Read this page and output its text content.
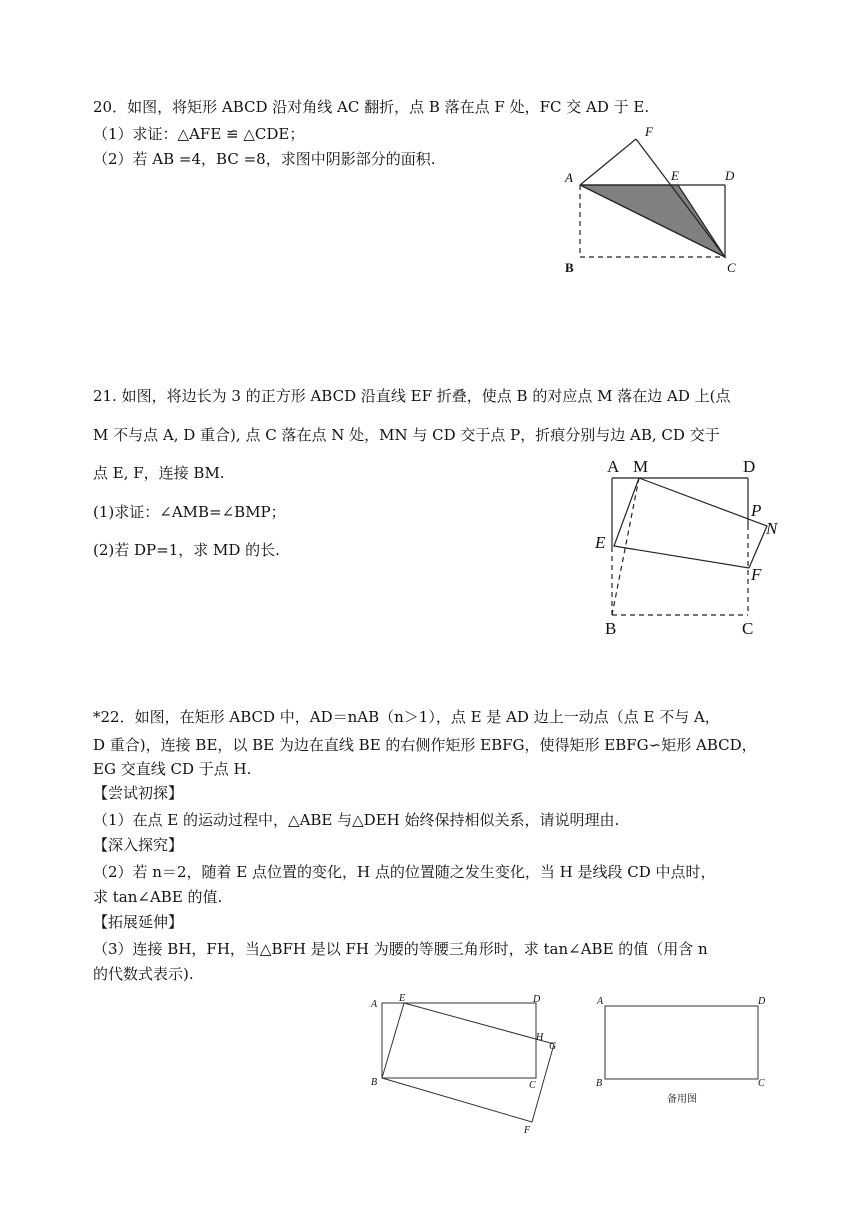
20．如图，将矩形 ABCD 沿对角线 AC 翻折，点 B 落在点 F 处，FC 交 AD 于 E.
（1）求证：△AFE ≌ △CDE；
（2）若 AB =4，BC =8，求图中阴影部分的面积.
F
A	E	D
B	C
21. 如图，将边长为 3 的正方形 ABCD 沿直线 EF 折叠，使点 B 的对应点 M 落在边 AD 上(点
M 不与点 A, D 重合), 点 C 落在点 N 处，MN 与 CD 交于点 P，折痕分别与边 AB, CD 交于
点 E, F，连接 BM.
(1)求证：∠AMB=∠BMP；
(2)若 DP=1，求 MD 的长.
A M	D
P
N
E
F
B	C
*22．如图，在矩形 ABCD 中，AD＝nAB（n＞1），点 E 是 AD 边上一动点（点 E 不与 A，
D 重合)，连接 BE，以 BE 为边在直线 BE 的右侧作矩形 EBFG，使得矩形 EBFG∽矩形 ABCD，
EG 交直线 CD 于点 H.
【尝试初探】
（1）在点 E 的运动过程中，△ABE 与△DEH 始终保持相似关系，请说明理由.
【深入探究】
（2）若 n＝2，随着 E 点位置的变化，H 点的位置随之发生变化，当 H 是线段 CD 中点时，
求 tan∠ABE 的值.
【拓展延伸】
（3）连接 BH，FH，当△BFH 是以 FH 为腰的等腰三角形时，求 tan∠ABE 的值（用含 n
的代数式表示).
A
E	D
H
G
B	C
F
A	D
B	C
备用图
